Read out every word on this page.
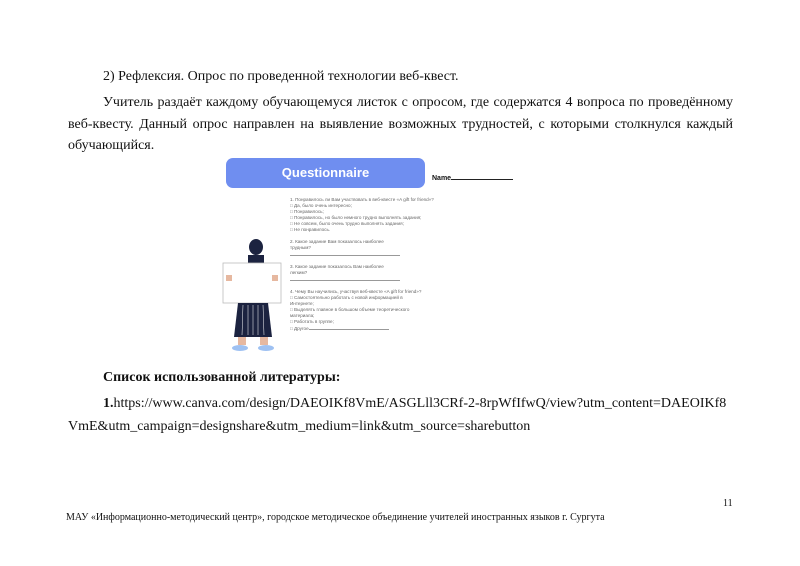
2) Рефлексия. Опрос по проведенной технологии веб-квест.
Учитель раздаёт каждому обучающемуся листок с опросом, где содержатся 4 вопроса по проведённому веб-квесту. Данный опрос направлен на выявление возможных трудностей, с которыми столкнулся каждый обучающийся.
Questionnaire	Name
1. Понравилось ли Вам участвовать в веб-квесте «A gift for friend»?
□ Да, было очень интересно;
□ Понравилось;
□ Понравилось, но было немного трудно выполнять задания;
□ Не совсем, было очень трудно выполнять задания;
□ Не понравилось.
2. Какое задание Вам показалось наиболее трудным?
3. Какое задание показалось Вам наиболее легким?
4. Чему Вы научились, участвуя веб-квесте «A gift for friend»?
□ Самостоятельно работать с новой информацией в Интернете;
□ Выделять главное в большом объеме теоретического материала;
□ Работать в группе;
□ Другое
Список использованной литературы:
1.https://www.canva.com/design/DAEOIKf8VmE/ASGLll3CRf-2-8rpWfIfwQ/view?utm_content=DAEOIKf8VmE&utm_campaign=designshare&utm_medium=link&utm_source=sharebutton
11
МАУ «Информационно-методический центр», городское методическое объединение учителей иностранных языков г. Сургута
